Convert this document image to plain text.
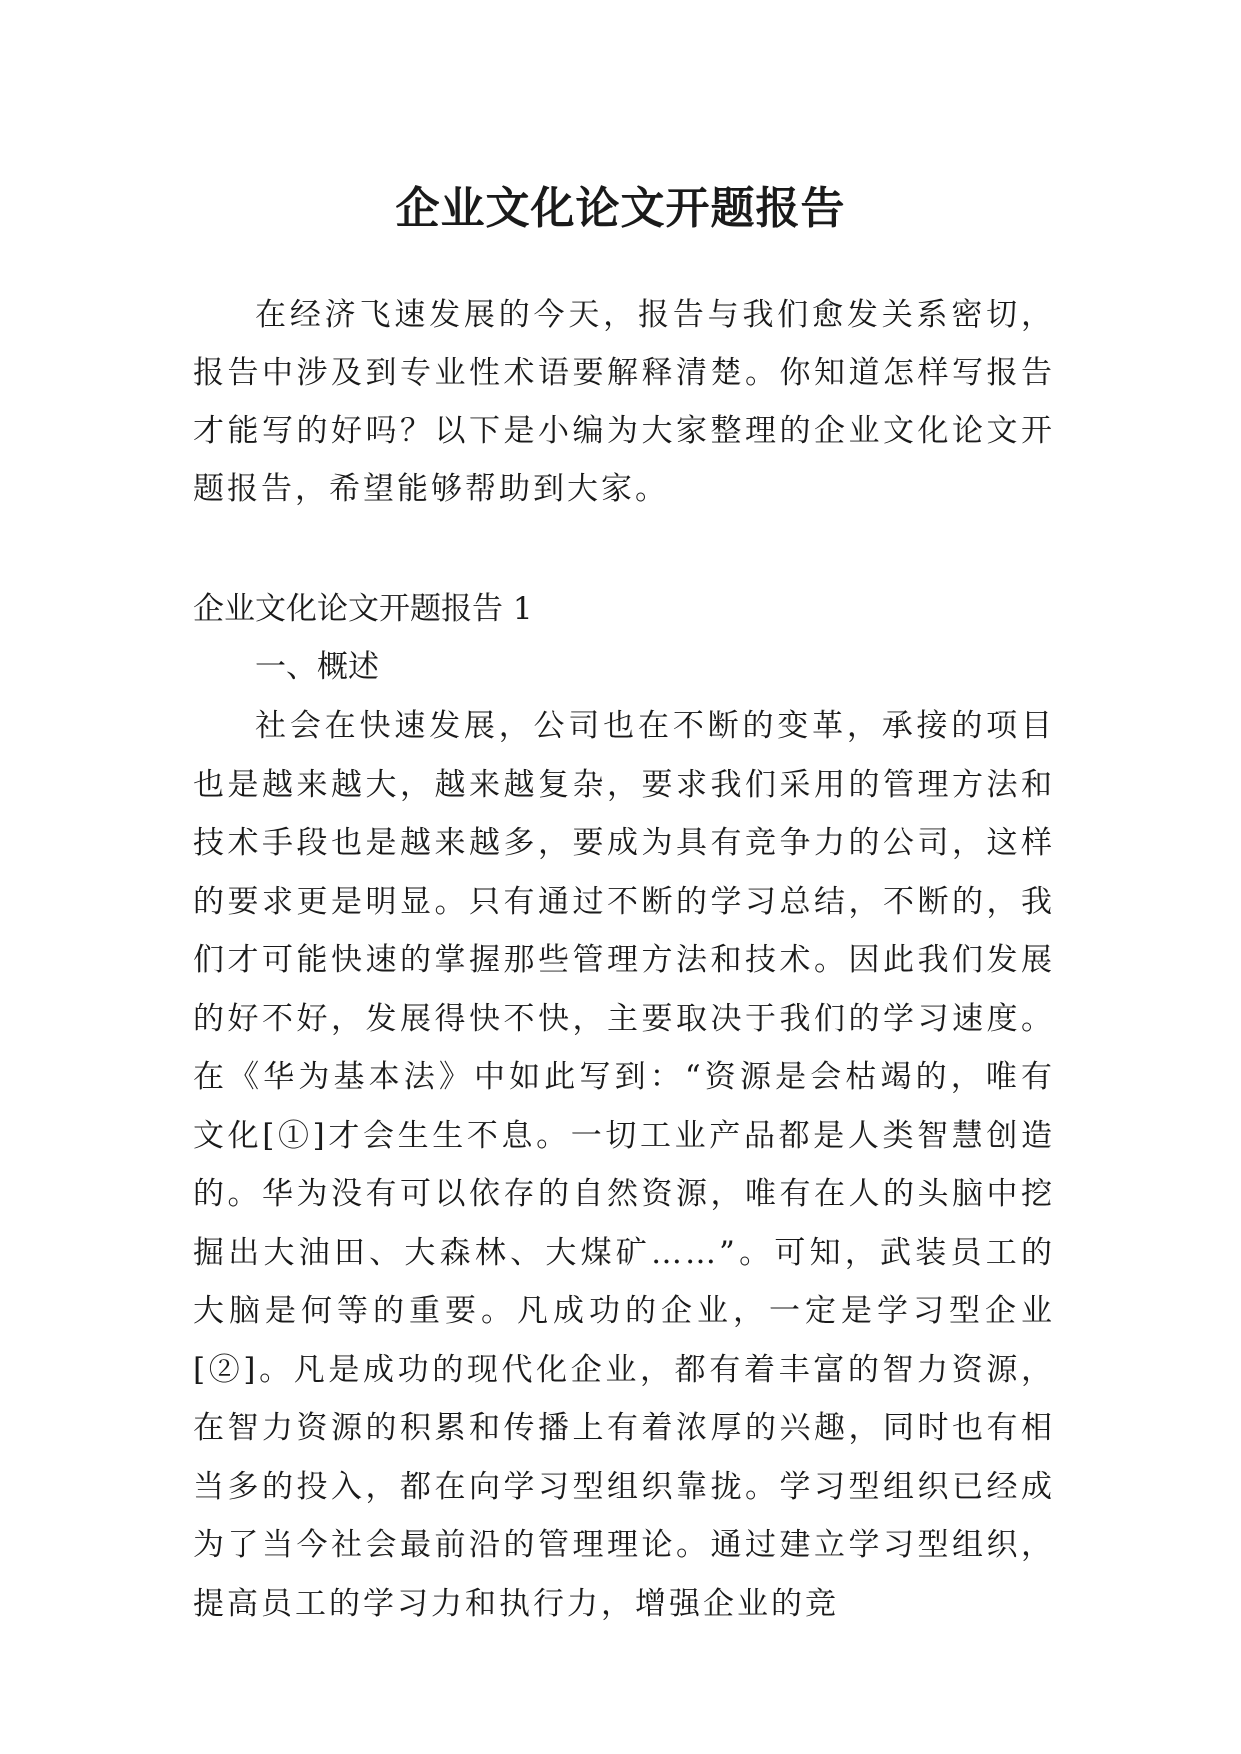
企业文化论文开题报告

在经济飞速发展的今天，报告与我们愈发关系密切，报告中涉及到专业性术语要解释清楚。你知道怎样写报告才能写的好吗？以下是小编为大家整理的企业文化论文开题报告，希望能够帮助到大家。

企业文化论文开题报告 1

一、概述

社会在快速发展，公司也在不断的变革，承接的项目也是越来越大，越来越复杂，要求我们采用的管理方法和技术手段也是越来越多，要成为具有竞争力的公司，这样的要求更是明显。只有通过不断的学习总结，不断的，我们才可能快速的掌握那些管理方法和技术。因此我们发展的好不好，发展得快不快，主要取决于我们的学习速度。在《华为基本法》中如此写到：“资源是会枯竭的，唯有文化[①]才会生生不息。一切工业产品都是人类智慧创造的。华为没有可以依存的自然资源，唯有在人的头脑中挖掘出大油田、大森林、大煤矿……”。可知，武装员工的大脑是何等的重要。凡成功的企业，一定是学习型企业[②]。凡是成功的现代化企业，都有着丰富的智力资源，在智力资源的积累和传播上有着浓厚的兴趣，同时也有相当多的投入，都在向学习型组织靠拢。学习型组织已经成为了当今社会最前沿的管理理论。通过建立学习型组织，提高员工的学习力和执行力，增强企业的竞
